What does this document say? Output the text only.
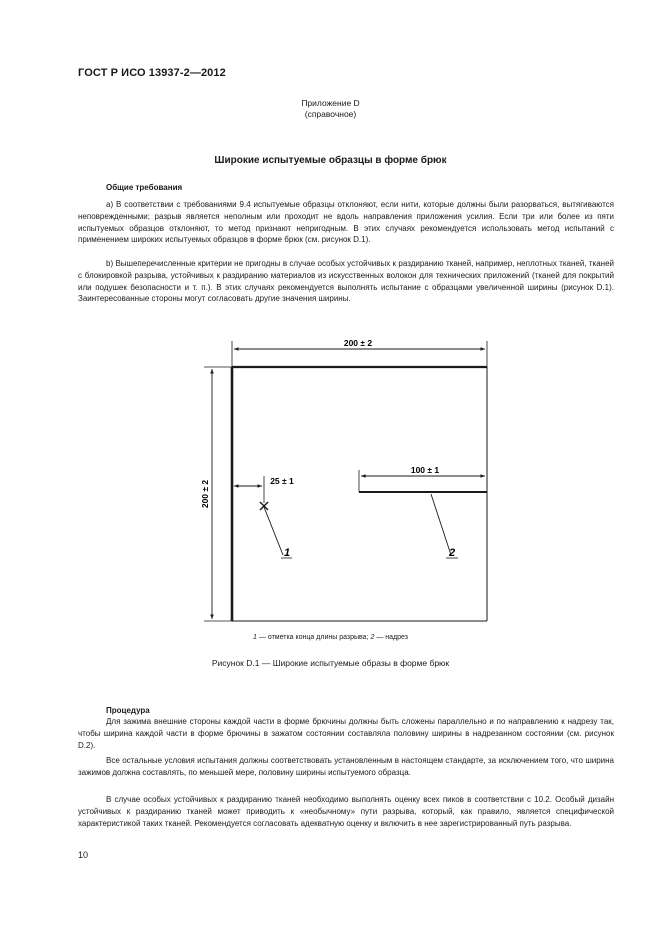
ГОСТ Р ИСО 13937-2—2012
Приложение D
(справочное)
Широкие испытуемые образцы в форме брюк
Общие требования
а) В соответствии с требованиями 9.4 испытуемые образцы отклоняют, если нити, которые должны были разорваться, вытягиваются неповрежденными; разрыв является неполным или проходит не вдоль направления приложения усилия. Если три или более из пяти испытуемых образцов отклоняют, то метод признают непригодным. В этих случаях рекомендуется использовать метод испытаний с применением широких испытуемых образцов в форме брюк (см. рисунок D.1).
b) Вышеперечисленные критерии не пригодны в случае особых устойчивых к раздиранию тканей, например, неплотных тканей, тканей с блокировкой разрыва, устойчивых к раздиранию материалов из искусственных волокон для технических приложений (тканей для покрытий или подушек безопасности и т. п.). В этих случаях рекомендуется выполнять испытание с образцами увеличенной ширины (рисунок D.1). Заинтересованные стороны могут согласовать другие значения ширины.
200 ± 2
200 ± 2	25 ± 1
100 ± 1
1	2
1 — отметка конца длины разрыва; 2 — надрез
Рисунок D.1 — Широкие испытуемые образы в форме брюк
Процедура
Для зажима внешние стороны каждой части в форме брючины должны быть сложены параллельно и по направлению к надрезу так, чтобы ширина каждой части в форме брючины в зажатом состоянии составляла половину ширины в надрезанном состоянии (см. рисунок D.2).
Все остальные условия испытания должны соответствовать установленным в настоящем стандарте, за исключением того, что ширина зажимов должна составлять, по меньшей мере, половину ширины испытуемого образца.
В случае особых устойчивых к раздиранию тканей необходимо выполнять оценку всех пиков в соответствии с 10.2. Особый дизайн устойчивых к раздиранию тканей может приводить к «необычному» пути разрыва, который, как правило, является специфической характеристикой таких тканей. Рекомендуется согласовать адекватную оценку и включить в нее зарегистрированный путь разрыва.
10
